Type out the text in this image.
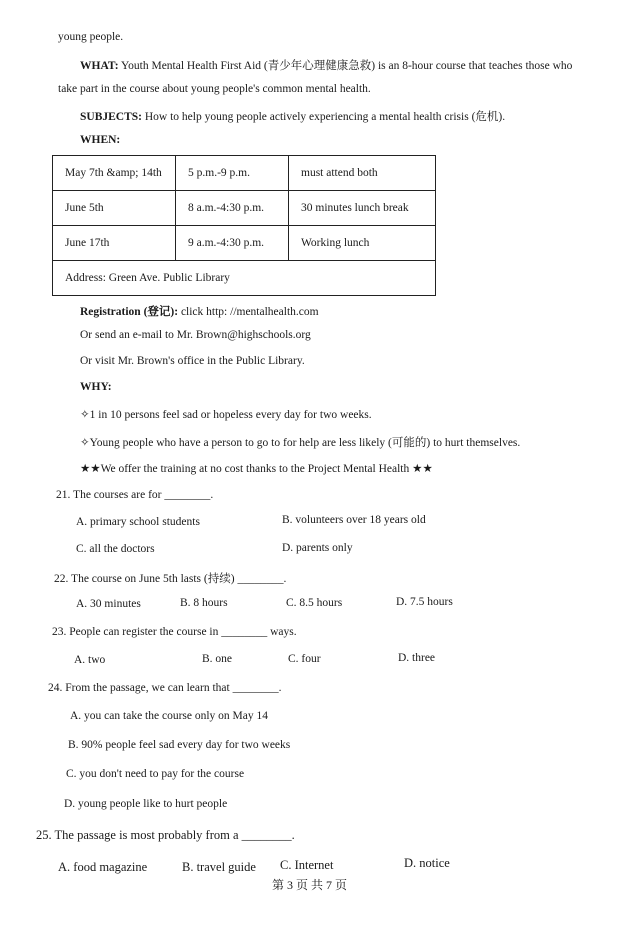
young people.
WHAT: Youth Mental Health First Aid (青少年心理健康急救) is an 8-hour course that teaches those who
take part in the course about young people's common mental health.
SUBJECTS: How to help young people actively experiencing a mental health crisis (危机).
WHEN:
May 7th &amp; 14th	5 p.m.-9 p.m.	must attend both
June 5th	8 a.m.-4:30 p.m.	30 minutes lunch break
June 17th	9 a.m.-4:30 p.m.	Working lunch
Address: Green Ave. Public Library		
Registration (登记): click http: //mentalhealth.com
Or send an e-mail to Mr. Brown@highschools.org
Or visit Mr. Brown's office in the Public Library.
WHY:
✧1 in 10 persons feel sad or hopeless every day for two weeks.
✧Young people who have a person to go to for help are less likely (可能的) to hurt themselves.
★★We offer the training at no cost thanks to the Project Mental Health ★★
21. The courses are for ________.
A. primary school students	B. volunteers over 18 years old
C. all the doctors	D. parents only
22. The course on June 5th lasts (持续) ________.
A. 30 minutes	B. 8 hours	C. 8.5 hours	D. 7.5 hours
23. People can register the course in ________ ways.
A. two	B. one	C. four	D. three
24. From the passage, we can learn that ________.
A. you can take the course only on May 14
B. 90% people feel sad every day for two weeks
C. you don't need to pay for the course
D. young people like to hurt people
25. The passage is most probably from a ________.
A. food magazine	B. travel guide C. Internet	D. notice
第 3 页 共 7 页
